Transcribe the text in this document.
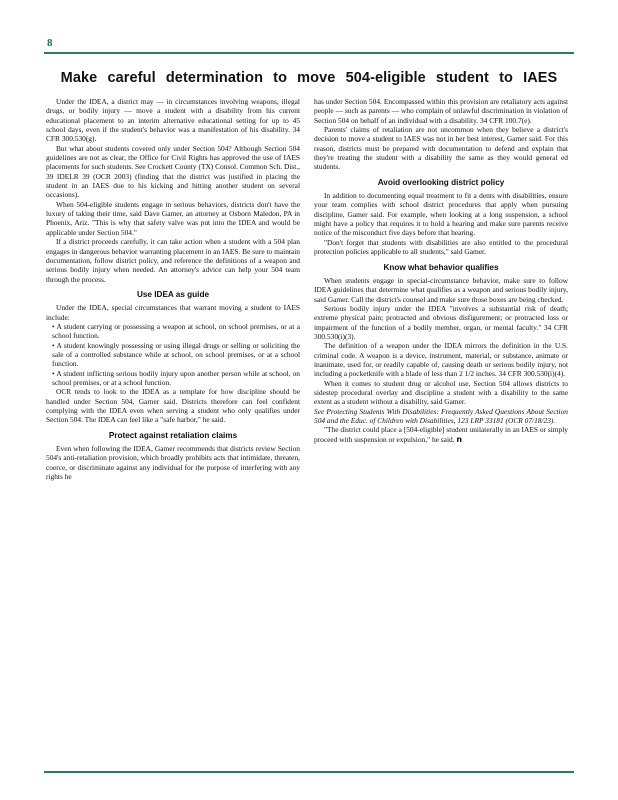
8
Make careful determination to move 504-eligible student to IAES

Under the IDEA, a district may — in circumstances involving weapons, illegal drugs, or bodily injury — move a student with a disability from his current educational placement to an interim alternative educational setting for up to 45 school days, even if the student's behavior was a manifestation of his disability. 34 CFR 300.530(g).

But what about students covered only under Section 504? Although Section 504 guidelines are not as clear, the Office for Civil Rights has approved the use of IAES placements for such students. See Crockett County (TX) Consol. Common Sch. Dist., 39 IDELR 39 (OCR 2003) (finding that the district was justified in placing the student in an IAES due to his kicking and hitting another student on several occasions).

When 504-eligible students engage in serious behaviors, districts don't have the luxury of taking their time, said Dave Gamer, an attorney at Osborn Maledon, PA in Phoenix, Ariz. "This is why that safety valve was put into the IDEA and would be applicable under Section 504."

If a district proceeds carefully, it can take action when a student with a 504 plan engages in dangerous behavior warranting placement in an IAES. Be sure to maintain documentation, follow district policy, and reference the definitions of a weapon and serious bodily injury when needed. An attorney's advice can help your 504 team through the process.

Use IDEA as guide

Under the IDEA, special circumstances that warrant moving a student to IAES include:

• A student carrying or possessing a weapon at school, on school premises, or at a school function.

• A student knowingly possessing or using illegal drugs or selling or soliciting the sale of a controlled substance while at school, on school premises, or at a school function.

• A student inflicting serious bodily injury upon another person while at school, on school premises, or at a school function.

OCR tends to look to the IDEA as a template for how discipline should be handled under Section 504, Garner said. Districts therefore can feel confident complying with the IDEA even when serving a student who only qualifies under Section 504. The IDEA can feel like a "safe harbor," he said.

Protect against retaliation claims

Even when following the IDEA, Gamer recommends that districts review Section 504's anti-retaliation provision, which broadly prohibits acts that intimidate, threaten, coerce, or discriminate against any individual for the purpose of interfering with any rights he

has under Section 504. Encompassed within this provision are retaliatory acts against people — such as parents — who complain of unlawful discrimination in violation of Section 504 on behalf of an individual with a disability. 34 CFR 100.7(e).

Parents' claims of retaliation are not uncommon when they believe a district's decision to move a student to IAES was not in her best interest, Gamer said. For this reason, districts must be prepared with documentation to defend and explain that they're treating the student with a disability the same as they would general ed students.

Avoid overlooking district policy

In addition to documenting equal treatment to fit a dents with disabilities, ensure your team complies with school district procedures that apply when pursuing discipline, Gamer said. For example, when looking at a long suspension, a school might have a policy that requires it to hold a hearing and make sure parents receive notice of the misconduct five days before that hearing.

"Don't forget that students with disabilities are also entitled to the procedural protection policies applicable to all students," said Gamer.

Know what behavior qualifies

When students engage in special-circumstance behavior, make sure to follow IDEA guidelines that determine what qualifies as a weapon and serious bodily injury, said Gamer. Call the district's counsel and make sure those boxes are being checked.

Serious bodily injury under the IDEA "involves a substantial risk of death; extreme physical pain; protracted and obvious disfigurement; or protracted loss or impairment of the function of a bodily member, organ, or mental faculty." 34 CFR 300.530(i)(3).

The definition of a weapon under the IDEA mirrors the definition in the U.S. criminal code. A weapon is a device, instrument, material, or substance, animate or inanimate, used for, or readily capable of, causing death or serious bodily injury, not including a pocketknife with a blade of less than 2 1/2 inches. 34 CFR 300.530(i)(4).

When it comes to student drug or alcohol use, Section 504 allows districts to sidestep procedural overlay and discipline a student with a disability to the same extent as a student without a disability, said Gamer.

See Protecting Students With Disabilities: Frequently Asked Questions About Section 504 and the Educ. of Children with Disabilities, 123 LRP 33181 (OCR 07/18/23).

"The district could place a [504-eligible] student unilaterally in an IAES or simply proceed with suspension or expulsion," he said. n
